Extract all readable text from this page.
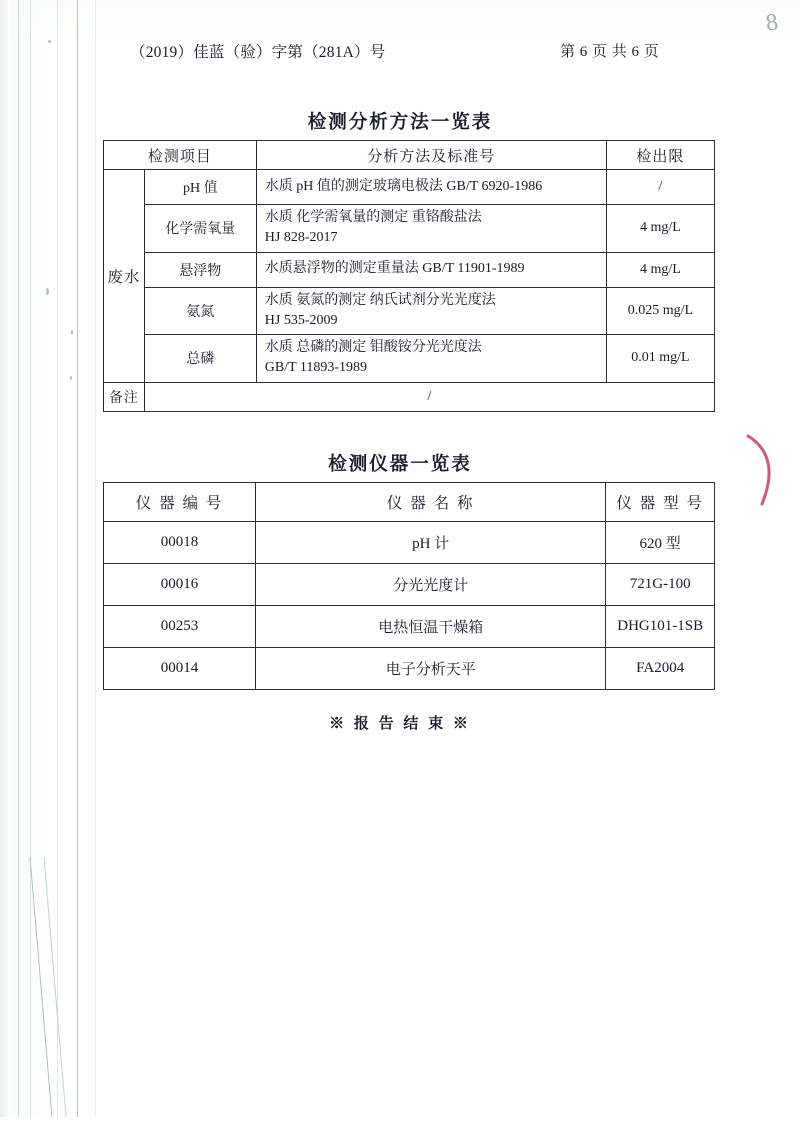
8
（2019）佳蓝（验）字第（281A）号	第 6 页 共 6 页
检测分析方法一览表
检测项目		分析方法及标准号	检出限
废水	pH 值	水质 pH 值的测定玻璃电极法 GB/T 6920-1986	/
	化学需氧量	水质 化学需氧量的测定 重铬酸盐法
HJ 828-2017	4 mg/L
	悬浮物	水质悬浮物的测定重量法 GB/T 11901-1989	4 mg/L
	氨氮	水质 氨氮的测定 纳氏试剂分光光度法
HJ 535-2009	0.025 mg/L
	总磷	水质 总磷的测定 钼酸铵分光光度法
GB/T 11893-1989	0.01 mg/L
备注	/		
检测仪器一览表
仪 器 编 号	仪 器 名 称	仪 器 型 号
00018	pH 计	620 型
00016	分光光度计	721G-100
00253	电热恒温干燥箱	DHG101-1SB
00014	电子分析天平	FA2004
※ 报 告 结 束 ※
